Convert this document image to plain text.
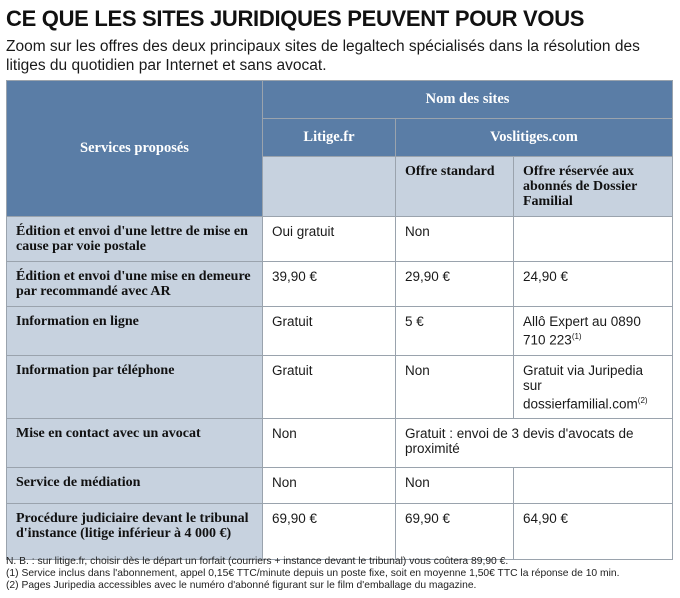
CE QUE LES SITES JURIDIQUES PEUVENT POUR VOUS
Zoom sur les offres des deux principaux sites de legaltech spécialisés dans la résolution des litiges du quotidien par Internet et sans avocat.
Services proposés	Nom des sites		
	Litige.fr	Voslitiges.com	
		Offre standard	Offre réservée aux abonnés de Dossier Familial
Édition et envoi d'une lettre de mise en cause par voie postale	Oui gratuit	Non	
Édition et envoi d'une mise en demeure par recommandé avec AR	39,90 €	29,90 €	24,90 €
Information en ligne	Gratuit	5 €	Allô Expert au 0890 710 223$^{(1)}$
Information par téléphone	Gratuit	Non	Gratuit via Juripedia sur dossierfamilial.com$^{(2)}$
Mise en contact avec un avocat	Non	Gratuit : envoi de 3 devis d'avocats de proximité	
Service de médiation	Non	Non	
Procédure judiciaire devant le tribunal d'instance (litige inférieur à 4 000 €)	69,90 €	69,90 €	64,90 €
N. B. : sur litige.fr, choisir dès le départ un forfait (courriers + instance devant le tribunal) vous coûtera 89,90 €.
(1) Service inclus dans l'abonnement, appel 0,15€ TTC/minute depuis un poste fixe, soit en moyenne 1,50€ TTC la réponse de 10 min.
(2) Pages Juripedia accessibles avec le numéro d'abonné figurant sur le film d'emballage du magazine.
